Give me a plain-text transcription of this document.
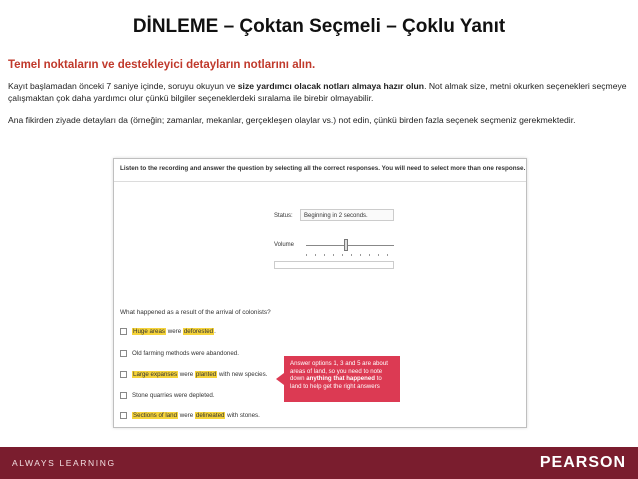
DİNLEME – Çoktan Seçmeli – Çoklu Yanıt

Temel noktaların ve destekleyici detayların notlarını alın.

Kayıt başlamadan önceki 7 saniye içinde, soruyu okuyun ve size yardımcı olacak notları almaya hazır olun. Not almak size, metni okurken seçenekleri seçmeye çalışmaktan çok daha yardımcı olur çünkü bilgiler seçeneklerdeki sıralama ile birebir olmayabilir.

Ana fikirden ziyade detayları da (örneğin; zamanlar, mekanlar, gerçekleşen olaylar vs.) not edin, çünkü birden fazla seçenek seçmeniz gerekmektedir.

Listen to the recording and answer the question by selecting all the correct responses. You will need to select more than one response.

Status:	Beginning in 2 seconds.
Volume

What happened as a result of the arrival of colonists?

Huge areas were deforested.
Old farming methods were abandoned.
Large expanses were planted with new species.
Stone quarries were depleted.
Sections of land were delineated with stones.
Answer options 1, 3 and 5 are about areas of land, so you need to note down anything that happened to land to help get the right answers
ALWAYS LEARNING	PEARSON
